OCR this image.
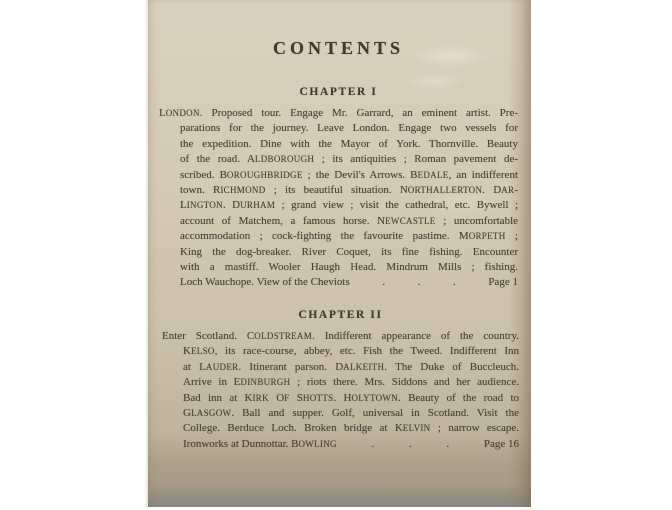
CONTENTS
CHAPTER I
LONDON. Proposed tour. Engage Mr. Garrard, an eminent artist. Pre-
parations for the journey. Leave London. Engage two vessels for
the expedition. Dine with the Mayor of York. Thornville. Beauty
of the road. ALDBOROUGH ; its antiquities ; Roman pavement de-
scribed. BOROUGHBRIDGE ; the Devil's Arrows. BEDALE, an indifferent
town. RICHMOND ; its beautiful situation. NORTHALLERTON. DAR-
LINGTON. DURHAM ; grand view ; visit the cathedral, etc. Bywell ;
account of Matchem, a famous horse. NEWCASTLE ; uncomfortable
accommodation ; cock-fighting the favourite pastime. MORPETH ;
King the dog-breaker. River Coquet, its fine fishing. Encounter
with a mastiff. Wooler Haugh Head. Mindrum Mills ; fishing.
Loch Wauchope. View of the Cheviots	.	.	.	Page 1
CHAPTER II
Enter Scotland. COLDSTREAM. Indifferent appearance of the country.
KELSO, its race-course, abbey, etc. Fish the Tweed. Indifferent Inn
at LAUDER. Itinerant parson. DALKEITH. The Duke of Buccleuch.
Arrive in EDINBURGH ; riots there. Mrs. Siddons and her audience.
Bad inn at KIRK OF SHOTTS. HOLYTOWN. Beauty of the road to
GLASGOW. Ball and supper. Golf, universal in Scotland. Visit the
College. Berduce Loch. Broken bridge at KELVIN ; narrow escape.
Ironworks at Dunnottar. BOWLING	.	.	.	Page 16
